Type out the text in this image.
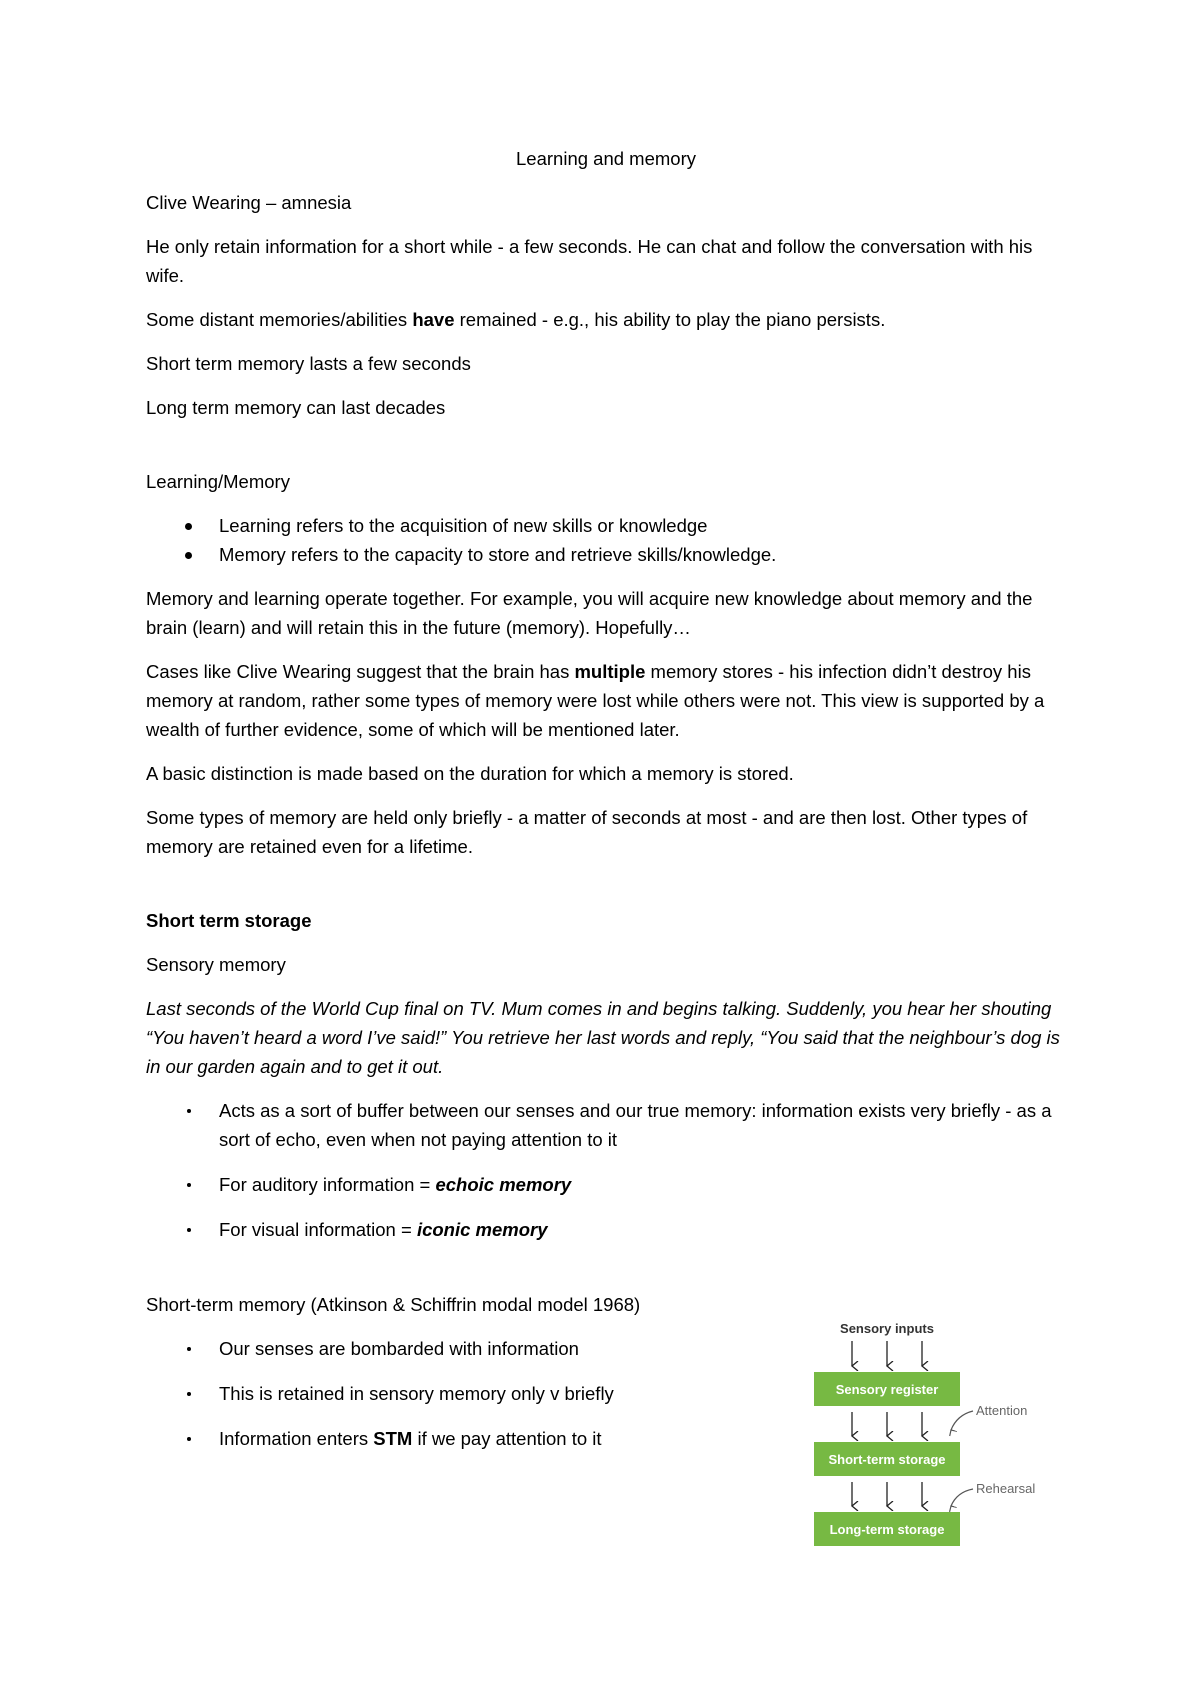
Learning and memory
Clive Wearing – amnesia
He only retain information for a short while - a few seconds. He can chat and follow the conversation with his wife.
Some distant memories/abilities have remained - e.g., his ability to play the piano persists.
Short term memory lasts a few seconds
Long term memory can last decades
Learning/Memory
Learning refers to the acquisition of new skills or knowledge
Memory refers to the capacity to store and retrieve skills/knowledge.
Memory and learning operate together. For example, you will acquire new knowledge about memory and the brain (learn) and will retain this in the future (memory). Hopefully…
Cases like Clive Wearing suggest that the brain has multiple memory stores - his infection didn’t destroy his memory at random, rather some types of memory were lost while others were not. This view is supported by a wealth of further evidence, some of which will be mentioned later.
A basic distinction is made based on the duration for which a memory is stored.
Some types of memory are held only briefly - a matter of seconds at most - and are then lost. Other types of memory are retained even for a lifetime.
Short term storage
Sensory memory
Last seconds of the World Cup final on TV. Mum comes in and begins talking. Suddenly, you hear her shouting “You haven’t heard a word I’ve said!” You retrieve her last words and reply, “You said that the neighbour’s dog is in our garden again and to get it out.
Acts as a sort of buffer between our senses and our true memory: information exists very briefly - as a sort of echo, even when not paying attention to it
For auditory information = echoic memory
For visual information = iconic memory
Short-term memory (Atkinson & Schiffrin modal model 1968)
Our senses are bombarded with information
This is retained in sensory memory only v briefly
Information enters STM if we pay attention to it
Sensory inputs
Sensory register
Attention
Short-term storage
Rehearsal
Long-term storage
